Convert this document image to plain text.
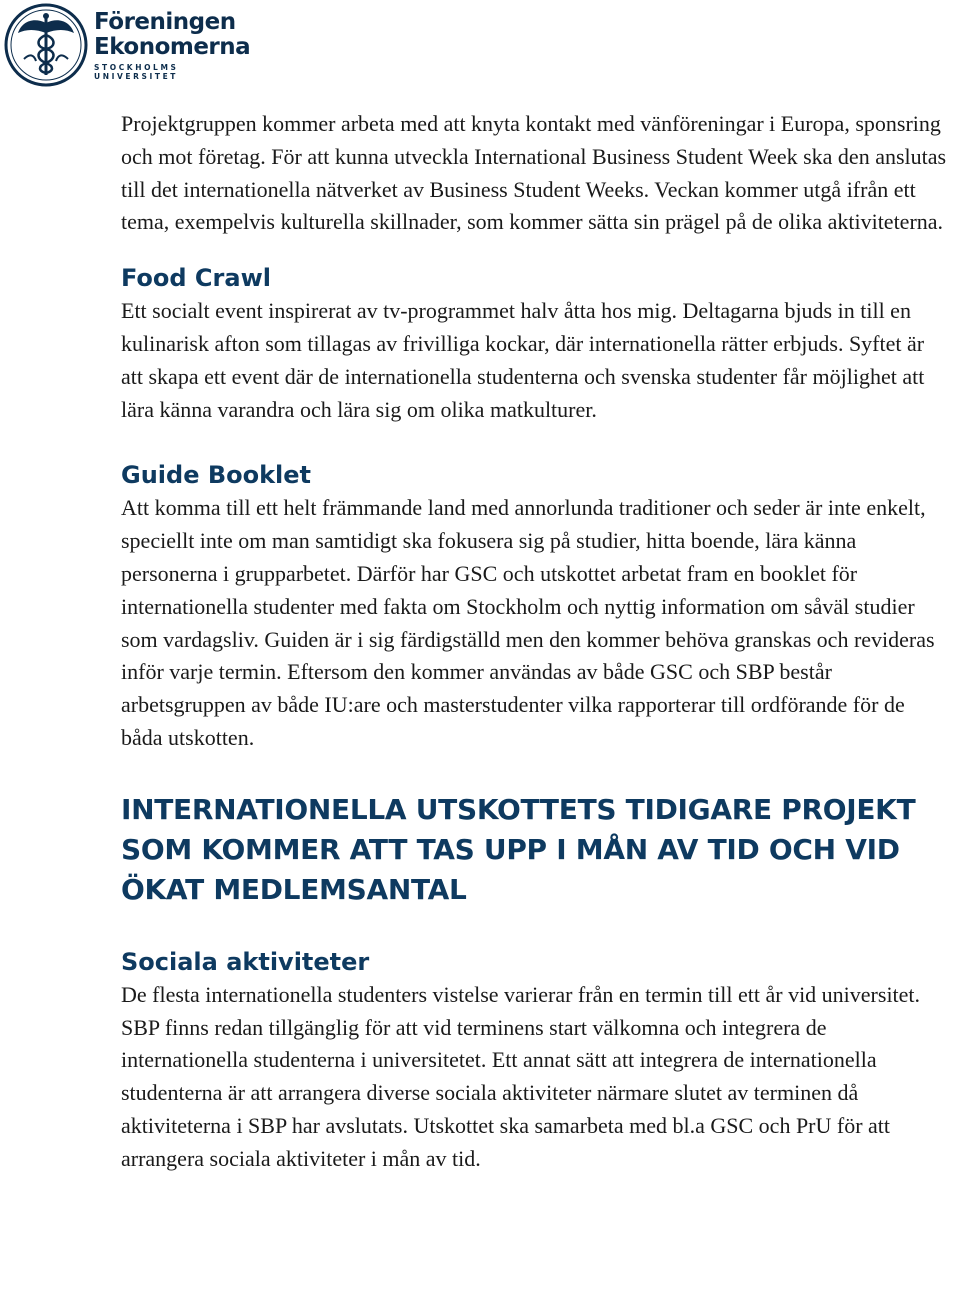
Föreningen
Ekonomerna
STOCKHOLMS UNIVERSITET

Projektgruppen kommer arbeta med att knyta kontakt med vänföreningar i Europa, sponsring och mot företag. För att kunna utveckla International Business Student Week ska den anslutas till det internationella nätverket av Business Student Weeks. Veckan kommer utgå ifrån ett tema, exempelvis kulturella skillnader, som kommer sätta sin prägel på de olika aktiviteterna.

Food Crawl

Ett socialt event inspirerat av tv-programmet halv åtta hos mig. Deltagarna bjuds in till en kulinarisk afton som tillagas av frivilliga kockar, där internationella rätter erbjuds. Syftet är att skapa ett event där de internationella studenterna och svenska studenter får möjlighet att lära känna varandra och lära sig om olika matkulturer.

Guide Booklet

Att komma till ett helt främmande land med annorlunda traditioner och seder är inte enkelt, speciellt inte om man samtidigt ska fokusera sig på studier, hitta boende, lära känna personerna i grupparbetet. Därför har GSC och utskottet arbetat fram en booklet för internationella studenter med fakta om Stockholm och nyttig information om såväl studier som vardagsliv. Guiden är i sig färdigställd men den kommer behöva granskas och revideras inför varje termin. Eftersom den kommer användas av både GSC och SBP består arbetsgruppen av både IU:are och masterstudenter vilka rapporterar till ordförande för de båda utskotten.

INTERNATIONELLA UTSKOTTETS TIDIGARE PROJEKT SOM KOMMER ATT TAS UPP I MÅN AV TID OCH VID ÖKAT MEDLEMSANTAL
Sociala aktiviteter

De flesta internationella studenters vistelse varierar från en termin till ett år vid universitet. SBP finns redan tillgänglig för att vid terminens start välkomna och integrera de internationella studenterna i universitetet. Ett annat sätt att integrera de internationella studenterna är att arrangera diverse sociala aktiviteter närmare slutet av terminen då aktiviteterna i SBP har avslutats. Utskottet ska samarbeta med bl.a GSC och PrU för att arrangera sociala aktiviteter i mån av tid.
